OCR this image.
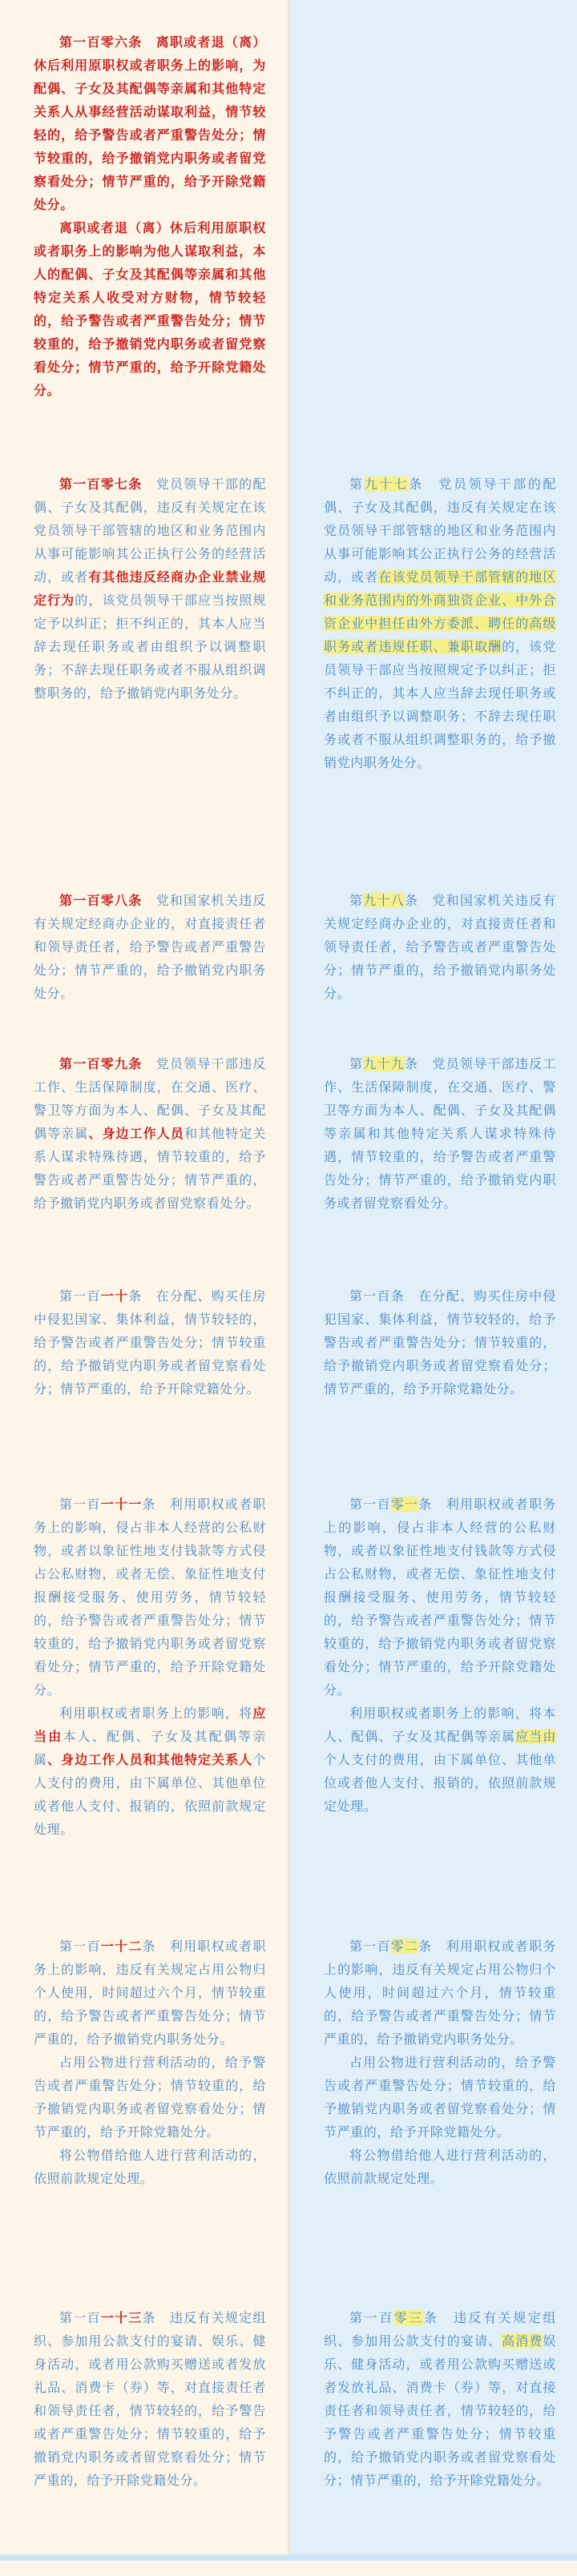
第一百零六条　离职或者退（离）休后利用原职权或者职务上的影响，为配偶、子女及其配偶等亲属和其他特定关系人从事经营活动谋取利益，情节较轻的，给予警告或者严重警告处分；情节较重的，给予撤销党内职务或者留党察看处分；情节严重的，给予开除党籍处分。

离职或者退（离）休后利用原职权或者职务上的影响为他人谋取利益，本人的配偶、子女及其配偶等亲属和其他特定关系人收受对方财物，情节较轻的，给予警告或者严重警告处分；情节较重的，给予撤销党内职务或者留党察看处分；情节严重的，给予开除党籍处分。

第一百零七条　党员领导干部的配偶、子女及其配偶，违反有关规定在该党员领导干部管辖的地区和业务范围内从事可能影响其公正执行公务的经营活动，或者有其他违反经商办企业禁业规定行为的，该党员领导干部应当按照规定予以纠正；拒不纠正的，其本人应当辞去现任职务或者由组织予以调整职务；不辞去现任职务或者不服从组织调整职务的，给予撤销党内职务处分。

第一百零八条　党和国家机关违反有关规定经商办企业的，对直接责任者和领导责任者，给予警告或者严重警告处分；情节严重的，给予撤销党内职务处分。

第一百零九条　党员领导干部违反工作、生活保障制度，在交通、医疗、警卫等方面为本人、配偶、子女及其配偶等亲属、身边工作人员和其他特定关系人谋求特殊待遇，情节较重的，给予警告或者严重警告处分；情节严重的，给予撤销党内职务或者留党察看处分。

第一百一十条　在分配、购买住房中侵犯国家、集体利益，情节较轻的，给予警告或者严重警告处分；情节较重的，给予撤销党内职务或者留党察看处分；情节严重的，给予开除党籍处分。

第一百一十一条　利用职权或者职务上的影响，侵占非本人经营的公私财物，或者以象征性地支付钱款等方式侵占公私财物，或者无偿、象征性地支付报酬接受服务、使用劳务，情节较轻的，给予警告或者严重警告处分；情节较重的，给予撤销党内职务或者留党察看处分；情节严重的，给予开除党籍处分。

利用职权或者职务上的影响，将应当由本人、配偶、子女及其配偶等亲属、身边工作人员和其他特定关系人个人支付的费用，由下属单位、其他单位或者他人支付、报销的，依照前款规定处理。

第一百一十二条　利用职权或者职务上的影响，违反有关规定占用公物归个人使用，时间超过六个月，情节较重的，给予警告或者严重警告处分；情节严重的，给予撤销党内职务处分。

占用公物进行营利活动的，给予警告或者严重警告处分；情节较重的，给予撤销党内职务或者留党察看处分；情节严重的，给予开除党籍处分。

将公物借给他人进行营利活动的，依照前款规定处理。

第一百一十三条　违反有关规定组织、参加用公款支付的宴请、娱乐、健身活动，或者用公款购买赠送或者发放礼品、消费卡（券）等，对直接责任者和领导责任者，情节较轻的，给予警告或者严重警告处分；情节较重的，给予撤销党内职务或者留党察看处分；情节严重的，给予开除党籍处分。

第九十七条　党员领导干部的配偶、子女及其配偶，违反有关规定在该党员领导干部管辖的地区和业务范围内从事可能影响其公正执行公务的经营活动，或者在该党员领导干部管辖的地区和业务范围内的外商独资企业、中外合资企业中担任由外方委派、聘任的高级职务或者违规任职、兼职取酬的，该党员领导干部应当按照规定予以纠正；拒不纠正的，其本人应当辞去现任职务或者由组织予以调整职务；不辞去现任职务或者不服从组织调整职务的，给予撤销党内职务处分。

第九十八条　党和国家机关违反有关规定经商办企业的，对直接责任者和领导责任者，给予警告或者严重警告处分；情节严重的，给予撤销党内职务处分。

第九十九条　党员领导干部违反工作、生活保障制度，在交通、医疗、警卫等方面为本人、配偶、子女及其配偶等亲属和其他特定关系人谋求特殊待遇，情节较重的，给予警告或者严重警告处分；情节严重的，给予撤销党内职务或者留党察看处分。

第一百条　在分配、购买住房中侵犯国家、集体利益，情节较轻的，给予警告或者严重警告处分；情节较重的，给予撤销党内职务或者留党察看处分；情节严重的，给予开除党籍处分。

第一百零一条　利用职权或者职务上的影响，侵占非本人经营的公私财物，或者以象征性地支付钱款等方式侵占公私财物，或者无偿、象征性地支付报酬接受服务、使用劳务，情节较轻的，给予警告或者严重警告处分；情节较重的，给予撤销党内职务或者留党察看处分；情节严重的，给予开除党籍处分。

利用职权或者职务上的影响，将本人、配偶、子女及其配偶等亲属应当由个人支付的费用，由下属单位、其他单位或者他人支付、报销的，依照前款规定处理。

第一百零二条　利用职权或者职务上的影响，违反有关规定占用公物归个人使用，时间超过六个月，情节较重的，给予警告或者严重警告处分；情节严重的，给予撤销党内职务处分。

占用公物进行营利活动的，给予警告或者严重警告处分；情节较重的，给予撤销党内职务或者留党察看处分；情节严重的，给予开除党籍处分。

将公物借给他人进行营利活动的，依照前款规定处理。

第一百零三条　违反有关规定组织、参加用公款支付的宴请、高消费娱乐、健身活动，或者用公款购买赠送或者发放礼品、消费卡（券）等，对直接责任者和领导责任者，情节较轻的，给予警告或者严重警告处分；情节较重的，给予撤销党内职务或者留党察看处分；情节严重的，给予开除党籍处分。
